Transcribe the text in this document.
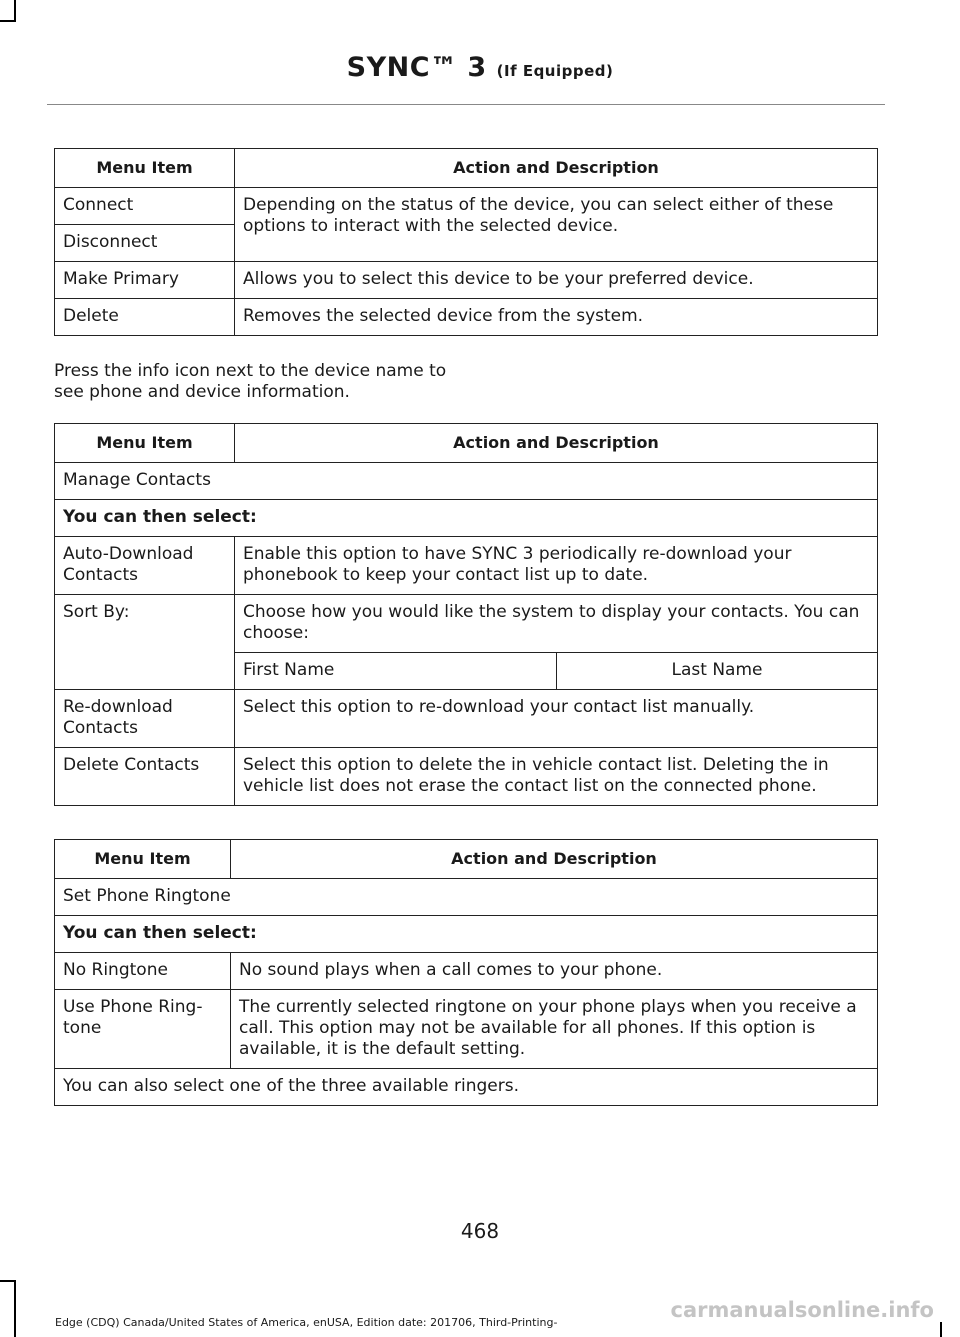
SYNC™ 3 (If Equipped)
Menu Item	Action and Description
Connect	Depending on the status of the device, you can select either of these options to interact with the selected device.
Disconnect	
Make Primary	Allows you to select this device to be your preferred device.
Delete	Removes the selected device from the system.
Press the info icon next to the device name to see phone and device information.
Menu Item	Action and Description	
Manage Contacts		
You can then select:		
Auto-Download Contacts	Enable this option to have SYNC 3 periodically re-download your phonebook to keep your contact list up to date.	
Sort By:	Choose how you would like the system to display your contacts. You can choose:	
	First Name	Last Name
Re-download Contacts	Select this option to re-download your contact list manually.	
Delete Contacts	Select this option to delete the in vehicle contact list. Deleting the in vehicle list does not erase the contact list on the connected phone.	
Menu Item	Action and Description
Set Phone Ringtone	
You can then select:	
No Ringtone	No sound plays when a call comes to your phone.
Use Phone Ring-tone	The currently selected ringtone on your phone plays when you receive a call. This option may not be available for all phones. If this option is available, it is the default setting.
You can also select one of the three available ringers.	
468
Edge (CDQ) Canada/United States of America, enUSA, Edition date: 201706, Third-Printing-
carmanualsonline.info
